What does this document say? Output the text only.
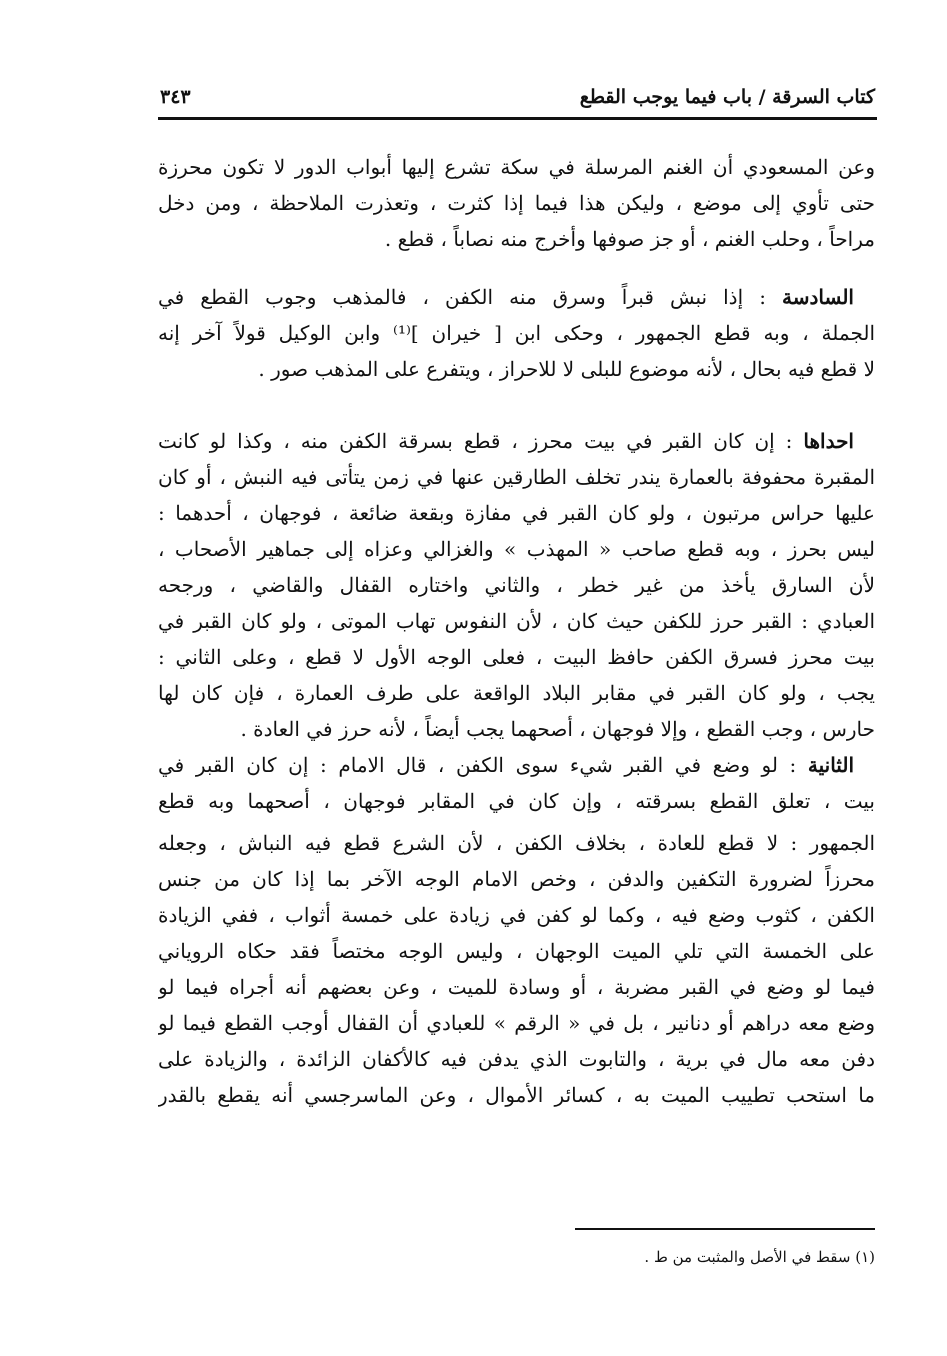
كتاب السرقة / باب فيما يوجب القطع
٣٤٣
وعن المسعودي أن الغنم المرسلة في سكة تشرع إليها أبواب الدور لا تكون محرزة
حتى تأوي إلى موضع ، وليكن هذا فيما إذا كثرت ، وتعذرت الملاحظة ، ومن دخل
مراحاً ، وحلب الغنم ، أو جز صوفها وأخرج منه نصاباً ، قطع .
السادسة : إذا نبش قبراً وسرق منه الكفن ، فالمذهب وجوب القطع في
الجملة ، وبه قطع الجمهور ، وحكى ابن [ خيران ]⁽¹⁾ وابن الوكيل قولاً آخر إنه
لا قطع فيه بحال ، لأنه موضوع للبلى لا للاحراز ، ويتفرع على المذهب صور .
احداها : إن كان القبر في بيت محرز ، قطع بسرقة الكفن منه ، وكذا لو كانت
المقبرة محفوفة بالعمارة يندر تخلف الطارقين عنها في زمن يتأتى فيه النبش ، أو كان
عليها حراس مرتبون ، ولو كان القبر في مفازة وبقعة ضائعة ، فوجهان ، أحدهما :
ليس بحرز ، وبه قطع صاحب « المهذب » والغزالي وعزاه إلى جماهير الأصحاب ،
لأن السارق يأخذ من غير خطر ، والثاني واختاره القفال والقاضي ، ورجحه
العبادي : القبر حرز للكفن حيث كان ، لأن النفوس تهاب الموتى ، ولو كان القبر في
بيت محرز فسرق الكفن حافظ البيت ، فعلى الوجه الأول لا قطع ، وعلى الثاني :
يجب ، ولو كان القبر في مقابر البلاد الواقعة على طرف العمارة ، فإن كان لها
حارس ، وجب القطع ، وإلا فوجهان ، أصحهما يجب أيضاً ، لأنه حرز في العادة .
الثانية : لو وضع في القبر شيء سوى الكفن ، قال الامام : إن كان القبر في
بيت ، تعلق القطع بسرقته ، وإن كان في المقابر فوجهان ، أصحهما وبه قطع
الجمهور : لا قطع للعادة ، بخلاف الكفن ، لأن الشرع قطع فيه النباش ، وجعله
محرزاً لضرورة التكفين والدفن ، وخص الامام الوجه الآخر بما إذا كان من جنس
الكفن ، كثوب وضع فيه ، وكما لو كفن في زيادة على خمسة أثواب ، ففي الزيادة
على الخمسة التي تلي الميت الوجهان ، وليس الوجه مختصاً فقد حكاه الروياني
فيما لو وضع في القبر مضربة ، أو وسادة للميت ، وعن بعضهم أنه أجراه فيما لو
وضع معه دراهم أو دنانير ، بل في « الرقم » للعبادي أن القفال أوجب القطع فيما لو
دفن معه مال في برية ، والتابوت الذي يدفن فيه كالأكفان الزائدة ، والزيادة على
ما استحب تطييب الميت به ، كسائر الأموال ، وعن الماسرجسي أنه يقطع بالقدر
(١) سقط في الأصل والمثبت من ط .
